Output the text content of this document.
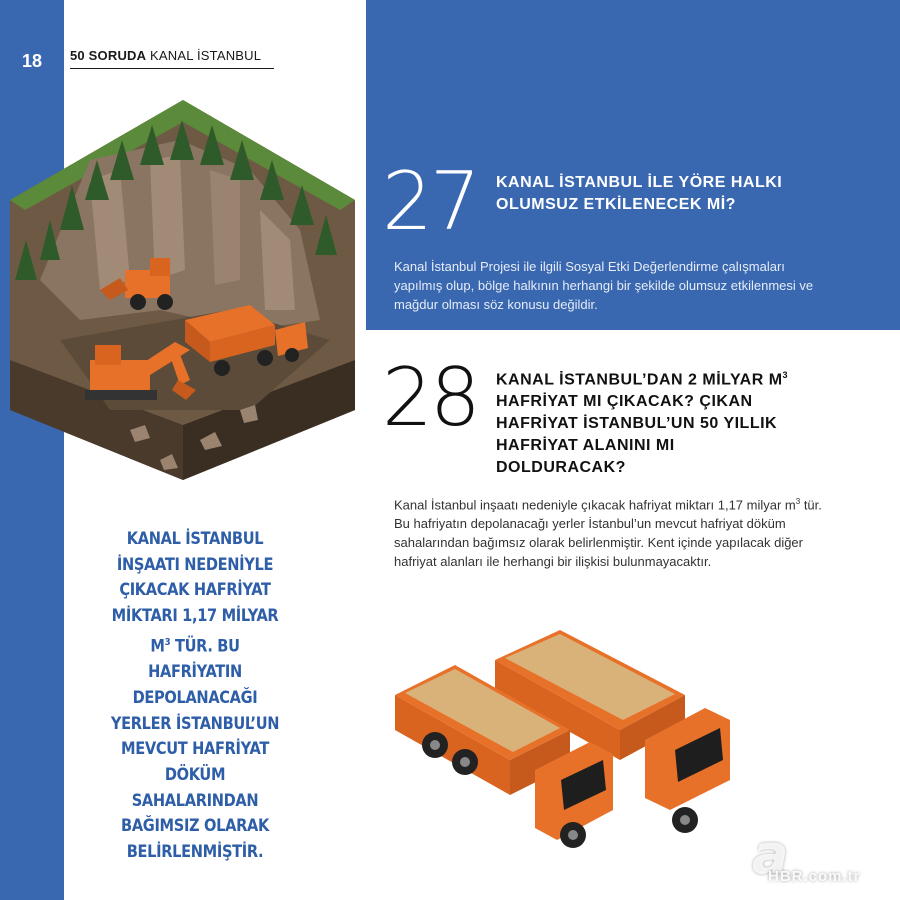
18	50 SORUDA KANAL İSTANBUL
27 KANAL İSTANBUL İLE YÖRE HALKI OLUMSUZ ETKİLENECEK Mİ?
Kanal İstanbul Projesi ile ilgili Sosyal Etki Değerlendirme çalışmaları yapılmış olup, bölge halkının herhangi bir şekilde olumsuz etkilenmesi ve mağdur olması söz konusu değildir.
28 KANAL İSTANBUL’DAN 2 MİLYAR $M^3$ HAFRİYAT MI ÇIKACAK? ÇIKAN HAFRİYAT İSTANBUL’UN 50 YILLIK HAFRİYAT ALANINI MI DOLDURACAK?
Kanal İstanbul inşaatı nedeniyle çıkacak hafriyat miktarı 1,17 milyar $m^3$ tür. Bu hafriyatın depolanacağı yerler İstanbul’un mevcut hafriyat döküm sahalarından bağımsız olarak belirlenmiştir. Kent içinde yapılacak diğer hafriyat alanları ile herhangi bir ilişkisi bulunmayacaktır.
KANAL İSTANBUL İNŞAATI NEDENİYLE ÇIKACAK HAFRİYAT MİKTARI 1,17 MİLYAR $M^3$ TÜR. BU HAFRİYATIN DEPOLANACAĞI YERLER İSTANBUL’UN MEVCUT HAFRİYAT DÖKÜM SAHALARINDAN BAĞIMSIZ OLARAK BELİRLENMİŞTİR.	a
HBR.com.tr
